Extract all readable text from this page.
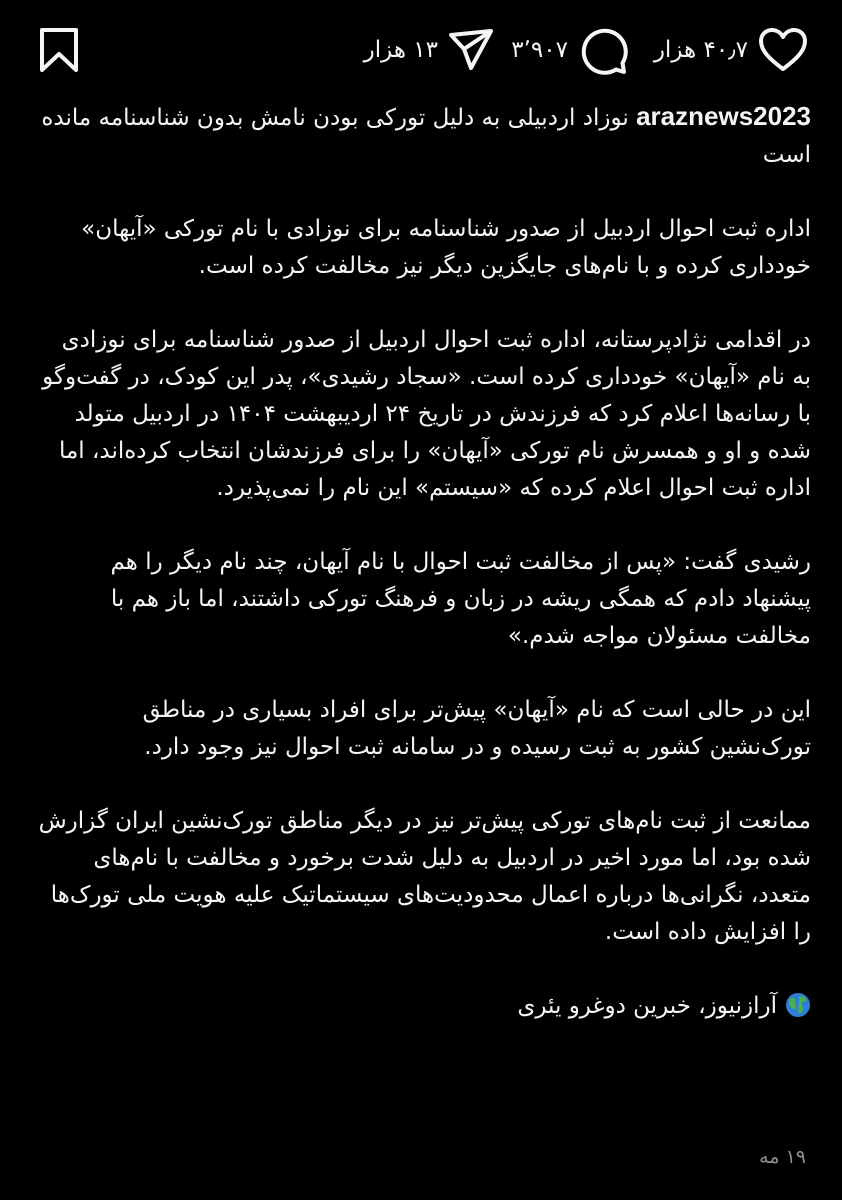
۴۰٫۷ هزار
۳٬۹۰۷
۱۳ هزار

araznews2023 نوزاد اردبیلی به دلیل تورکی بودن نامش بدون شناسنامه مانده است

اداره ثبت احوال اردبیل از صدور شناسنامه برای نوزادی با نام تورکی «آیهان» خودداری کرده و با نام‌های جایگزین دیگر نیز مخالفت کرده است.

در اقدامی نژادپرستانه، اداره ثبت احوال اردبیل از صدور شناسنامه برای نوزادی به نام «آیهان» خودداری کرده است. «سجاد رشیدی»، پدر این کودک، در گفت‌وگو با رسانه‌ها اعلام کرد که فرزندش در تاریخ ۲۴ اردیبهشت ۱۴۰۴ در اردبیل متولد شده و او و همسرش نام تورکی «آیهان» را برای فرزندشان انتخاب کرده‌اند، اما اداره ثبت احوال اعلام کرده که «سیستم» این نام را نمی‌پذیرد.

رشیدی گفت: «پس از مخالفت ثبت احوال با نام آیهان، چند نام دیگر را هم پیشنهاد دادم که همگی ریشه در زبان و فرهنگ تورکی داشتند، اما باز هم با مخالفت مسئولان مواجه شدم.»

این در حالی است که نام «آیهان» پیش‌تر برای افراد بسیاری در مناطق تورک‌نشین کشور به ثبت رسیده و در سامانه ثبت احوال نیز وجود دارد.

ممانعت از ثبت نام‌های تورکی پیش‌تر نیز در دیگر مناطق تورک‌نشین ایران گزارش شده بود، اما مورد اخیر در اردبیل به دلیل شدت برخورد و مخالفت با نام‌های متعدد، نگرانی‌ها درباره اعمال محدودیت‌های سیستماتیک علیه هویت ملی تورک‌ها را افزایش داده است.

آرازنیوز، خبرین دوغرو یئری

۱۹ مه
